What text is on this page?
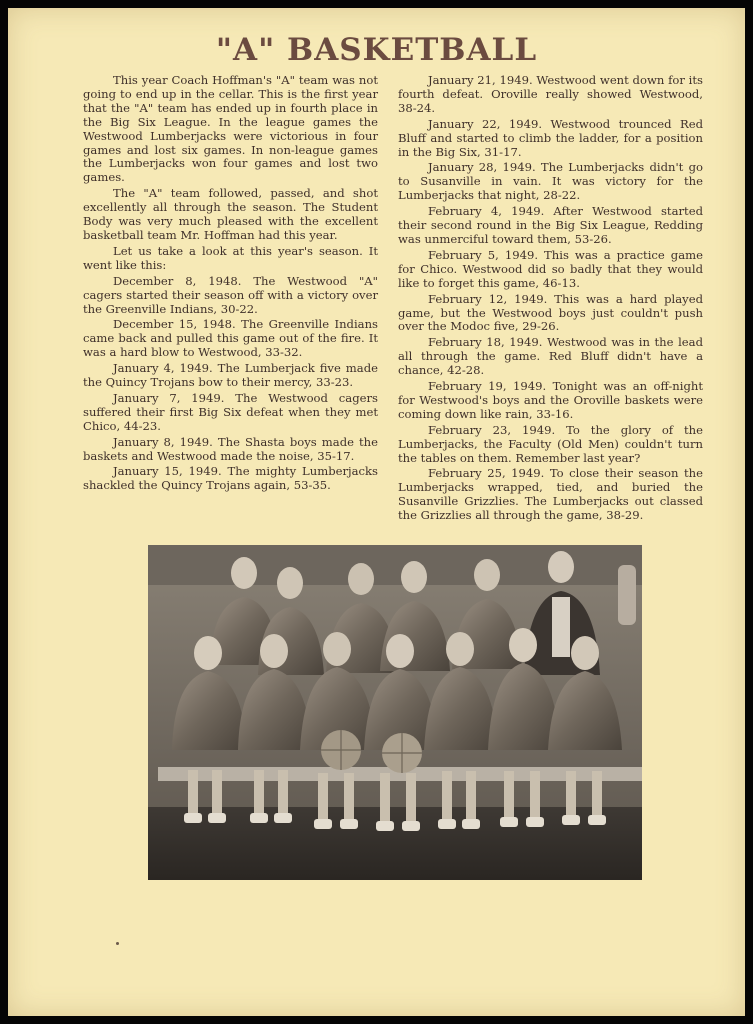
"A" BASKETBALL

This year Coach Hoffman's "A" team was not going to end up in the cellar. This is the first year that the "A" team has ended up in fourth place in the Big Six League. In the league games the Westwood Lumberjacks were victorious in four games and lost six games. In non-league games the Lumberjacks won four games and lost two games.

The "A" team followed, passed, and shot excellently all through the season. The Student Body was very much pleased with the excellent basketball team Mr. Hoffman had this year.

Let us take a look at this year's season. It went like this:

December 8, 1948. The Westwood "A" cagers started their season off with a victory over the Greenville Indians, 30-22.

December 15, 1948. The Greenville Indians came back and pulled this game out of the fire. It was a hard blow to Westwood, 33-32.

January 4, 1949. The Lumberjack five made the Quincy Trojans bow to their mercy, 33-23.

January 7, 1949. The Westwood cagers suffered their first Big Six defeat when they met Chico, 44-23.

January 8, 1949. The Shasta boys made the baskets and Westwood made the noise, 35-17.

January 15, 1949. The mighty Lumberjacks shackled the Quincy Trojans again, 53-35.

January 21, 1949. Westwood went down for its fourth defeat. Oroville really showed Westwood, 38-24.

January 22, 1949. Westwood trounced Red Bluff and started to climb the ladder, for a position in the Big Six, 31-17.

January 28, 1949. The Lumberjacks didn't go to Susanville in vain. It was victory for the Lumberjacks that night, 28-22.

February 4, 1949. After Westwood started their second round in the Big Six League, Redding was unmerciful toward them, 53-26.

February 5, 1949. This was a practice game for Chico. Westwood did so badly that they would like to forget this game, 46-13.

February 12, 1949. This was a hard played game, but the Westwood boys just couldn't push over the Modoc five, 29-26.

February 18, 1949. Westwood was in the lead all through the game. Red Bluff didn't have a chance, 42-28.

February 19, 1949. Tonight was an off-night for Westwood's boys and the Oroville baskets were coming down like rain, 33-16.

February 23, 1949. To the glory of the Lumberjacks, the Faculty (Old Men) couldn't turn the tables on them. Remember last year?

February 25, 1949. To close their season the Lumberjacks wrapped, tied, and buried the Susanville Grizzlies. The Lumberjacks out classed the Grizzlies all through the game, 38-29.
